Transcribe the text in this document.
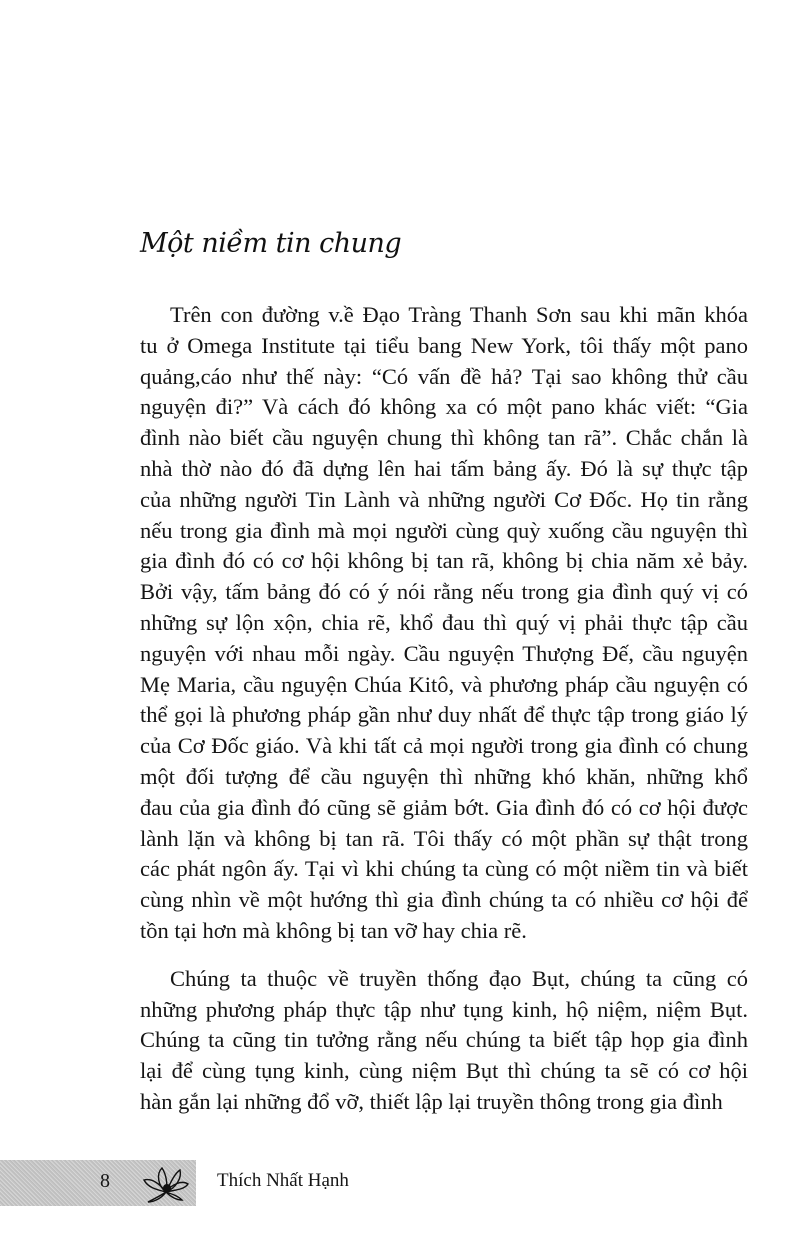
Một niềm tin chung
Trên con đường v.ề Đạo Tràng Thanh Sơn sau khi mãn khóa
tu ở Omega Institute tại tiểu bang New York, tôi thấy một pano
quảng,cáo như thế này: “Có vấn đề hả? Tại sao không thử cầu
nguyện đi?” Và cách đó không xa có một pano khác viết: “Gia
đình nào biết cầu nguyện chung thì không tan rã”. Chắc chắn là
nhà thờ nào đó đã dựng lên hai tấm bảng ấy. Đó là sự thực tập
của những người Tin Lành và những người Cơ Đốc. Họ tin rằng
nếu trong gia đình mà mọi người cùng quỳ xuống cầu nguyện thì
gia đình đó có cơ hội không bị tan rã, không bị chia năm xẻ bảy.
Bởi vậy, tấm bảng đó có ý nói rằng nếu trong gia đình quý vị có
những sự lộn xộn, chia rẽ, khổ đau thì quý vị phải thực tập cầu
nguyện với nhau mỗi ngày. Cầu nguyện Thượng Đế, cầu nguyện
Mẹ Maria, cầu nguyện Chúa Kitô, và phương pháp cầu nguyện có
thể gọi là phương pháp gần như duy nhất để thực tập trong giáo lý
của Cơ Đốc giáo. Và khi tất cả mọi người trong gia đình có chung
một đối tượng để cầu nguyện thì những khó khăn, những khổ
đau của gia đình đó cũng sẽ giảm bớt. Gia đình đó có cơ hội được
lành lặn và không bị tan rã. Tôi thấy có một phần sự thật trong
các phát ngôn ấy. Tại vì khi chúng ta cùng có một niềm tin và biết
cùng nhìn về một hướng thì gia đình chúng ta có nhiều cơ hội để
tồn tại hơn mà không bị tan vỡ hay chia rẽ.
Chúng ta thuộc về truyền thống đạo Bụt, chúng ta cũng có
những phương pháp thực tập như tụng kinh, hộ niệm, niệm Bụt.
Chúng ta cũng tin tưởng rằng nếu chúng ta biết tập họp gia đình
lại để cùng tụng kinh, cùng niệm Bụt thì chúng ta sẽ có cơ hội
hàn gắn lại những đổ vỡ, thiết lập lại truyền thông trong gia đình
8	Thích Nhất Hạnh
